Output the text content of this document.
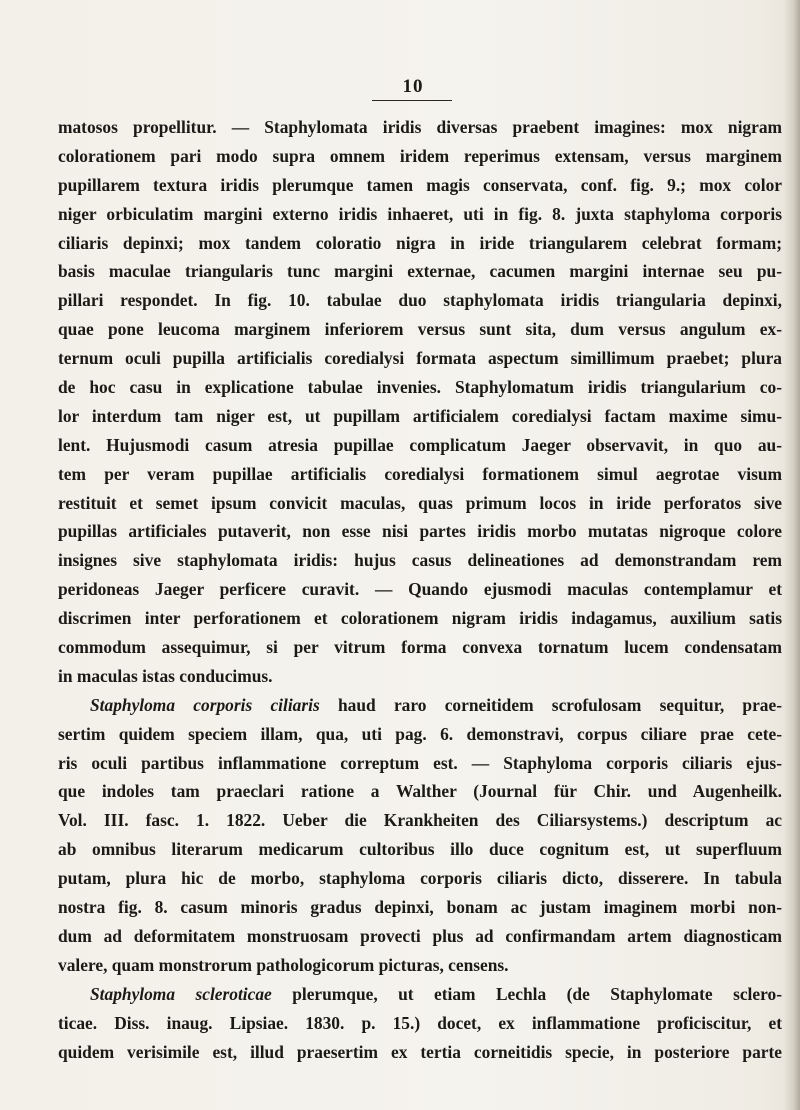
10
matosos propellitur. — Staphylomata iridis diversas praebent imagines: mox nigram
colorationem pari modo supra omnem iridem reperimus extensam, versus marginem
pupillarem textura iridis plerumque tamen magis conservata, conf. fig. 9.; mox color
niger orbiculatim margini externo iridis inhaeret, uti in fig. 8. juxta staphyloma corporis
ciliaris depinxi; mox tandem coloratio nigra in iride triangularem celebrat formam;
basis maculae triangularis tunc margini externae, cacumen margini internae seu pu-
pillari respondet. In fig. 10. tabulae duo staphylomata iridis triangularia depinxi,
quae pone leucoma marginem inferiorem versus sunt sita, dum versus angulum ex-
ternum oculi pupilla artificialis coredialysi formata aspectum simillimum praebet; plura
de hoc casu in explicatione tabulae invenies. Staphylomatum iridis triangularium co-
lor interdum tam niger est, ut pupillam artificialem coredialysi factam maxime simu-
lent. Hujusmodi casum atresia pupillae complicatum Jaeger observavit, in quo au-
tem per veram pupillae artificialis coredialysi formationem simul aegrotae visum
restituit et semet ipsum convicit maculas, quas primum locos in iride perforatos sive
pupillas artificiales putaverit, non esse nisi partes iridis morbo mutatas nigroque colore
insignes sive staphylomata iridis: hujus casus delineationes ad demonstrandam rem
peridoneas Jaeger perficere curavit. — Quando ejusmodi maculas contemplamur et
discrimen inter perforationem et colorationem nigram iridis indagamus, auxilium satis
commodum assequimur, si per vitrum forma convexa tornatum lucem condensatam
in maculas istas conducimus.
Staphyloma corporis ciliaris haud raro corneitidem scrofulosam sequitur, prae-
sertim quidem speciem illam, qua, uti pag. 6. demonstravi, corpus ciliare prae cete-
ris oculi partibus inflammatione correptum est. — Staphyloma corporis ciliaris ejus-
que indoles tam praeclari ratione a Walther (Journal für Chir. und Augenheilk.
Vol. III. fasc. 1. 1822. Ueber die Krankheiten des Ciliarsystems.) descriptum ac
ab omnibus literarum medicarum cultoribus illo duce cognitum est, ut superfluum
putam, plura hic de morbo, staphyloma corporis ciliaris dicto, disserere. In tabula
nostra fig. 8. casum minoris gradus depinxi, bonam ac justam imaginem morbi non-
dum ad deformitatem monstruosam provecti plus ad confirmandam artem diagnosticam
valere, quam monstrorum pathologicorum picturas, censens.
Staphyloma scleroticae plerumque, ut etiam Lechla (de Staphylomate sclero-
ticae. Diss. inaug. Lipsiae. 1830. p. 15.) docet, ex inflammatione proficiscitur, et
quidem verisimile est, illud praesertim ex tertia corneitidis specie, in posteriore parte
